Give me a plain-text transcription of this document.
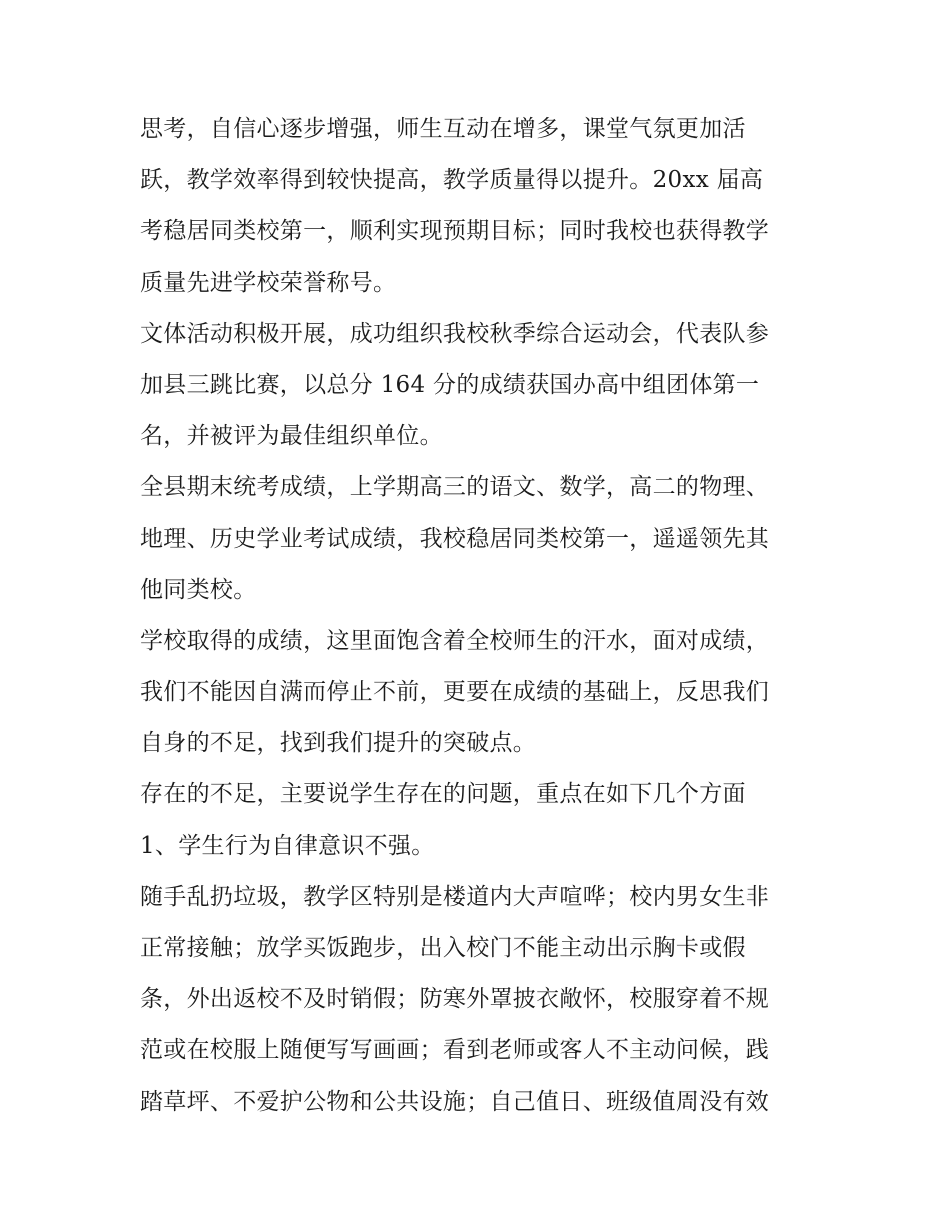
思考，自信心逐步增强，师生互动在增多，课堂气氛更加活
跃，教学效率得到较快提高，教学质量得以提升。20xx 届高
考稳居同类校第一，顺利实现预期目标；同时我校也获得教学
质量先进学校荣誉称号。
文体活动积极开展，成功组织我校秋季综合运动会，代表队参
加县三跳比赛，以总分 164 分的成绩获国办高中组团体第一
名，并被评为最佳组织单位。
全县期末统考成绩，上学期高三的语文、数学，高二的物理、
地理、历史学业考试成绩，我校稳居同类校第一，遥遥领先其
他同类校。
学校取得的成绩，这里面饱含着全校师生的汗水，面对成绩，
我们不能因自满而停止不前，更要在成绩的基础上，反思我们
自身的不足，找到我们提升的突破点。
存在的不足，主要说学生存在的问题，重点在如下几个方面
1、学生行为自律意识不强。
随手乱扔垃圾，教学区特别是楼道内大声喧哗；校内男女生非
正常接触；放学买饭跑步，出入校门不能主动出示胸卡或假
条，外出返校不及时销假；防寒外罩披衣敞怀，校服穿着不规
范或在校服上随便写写画画；看到老师或客人不主动问候，践
踏草坪、不爱护公物和公共设施；自己值日、班级值周没有效
